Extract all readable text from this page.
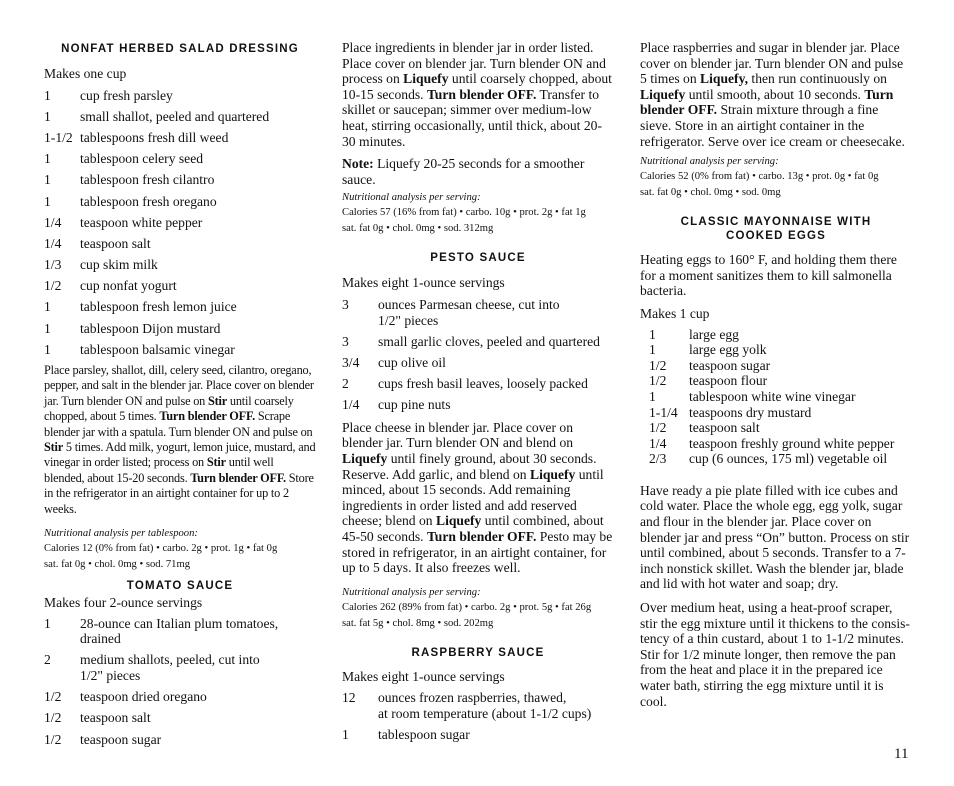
NONFAT HERBED SALAD DRESSING

Makes one cup

1	cup fresh parsley
1	small shallot, peeled and quartered
1-1/2 tablespoons fresh dill weed
1	tablespoon celery seed
1	tablespoon fresh cilantro
1	tablespoon fresh oregano
1/4	teaspoon white pepper
1/4	teaspoon salt
1/3	cup skim milk
1/2	cup nonfat yogurt
1	tablespoon fresh lemon juice
1	tablespoon Dijon mustard
1	tablespoon balsamic vinegar

Place parsley, shallot, dill, celery seed, cilantro, oregano, pepper, and salt in the blender jar. Place cover on blender jar. Turn blender ON and pulse on Stir until coarsely chopped, about 5 times. Turn blender OFF. Scrape blender jar with a spatula. Turn blender ON and pulse on Stir 5 times. Add milk, yogurt, lemon juice, mustard, and vinegar in order listed; process on Stir until well blended, about 15-20 seconds. Turn blender OFF. Store in the refrigerator in an airtight container for up to 2 weeks.

Nutritional analysis per tablespoon:

Calories 12 (0% from fat) • carbo. 2g • prot. 1g • fat 0g

sat. fat 0g • chol. 0mg • sod. 71mg

TOMATO SAUCE

Makes four 2-ounce servings

1	28-ounce can Italian plum tomatoes, drained
2	medium shallots, peeled, cut into
1/2" pieces
1/2	teaspoon dried oregano
1/2	teaspoon salt
1/2	teaspoon sugar

Place ingredients in blender jar in order listed. Place cover on blender jar. Turn blender ON and process on Liquefy until coarsely chopped, about 10-15 seconds. Turn blender OFF. Transfer to skillet or saucepan; simmer over medium-low heat, stirring occasionally, until thick, about 20-30 minutes.

Note: Liquefy 20-25 seconds for a smoother sauce.

Nutritional analysis per serving:

Calories 57 (16% from fat) • carbo. 10g • prot. 2g • fat 1g

sat. fat 0g • chol. 0mg • sod. 312mg

PESTO SAUCE

Makes eight 1-ounce servings

3	ounces Parmesan cheese, cut into
1/2" pieces
3	small garlic cloves, peeled and quartered
3/4	cup olive oil
2	cups fresh basil leaves, loosely packed
1/4	cup pine nuts

Place cheese in blender jar. Place cover on blender jar. Turn blender ON and blend on Liquefy until finely ground, about 30 seconds. Reserve. Add garlic, and blend on Liquefy until minced, about 15 seconds. Add remaining ingredients in order listed and add reserved cheese; blend on Liquefy until combined, about 45-50 seconds. Turn blender OFF. Pesto may be stored in refrigerator, in an airtight container, for up to 5 days. It also freezes well.

Nutritional analysis per serving:

Calories 262 (89% from fat) • carbo. 2g • prot. 5g • fat 26g

sat. fat 5g • chol. 8mg • sod. 202mg

RASPBERRY SAUCE

Makes eight 1-ounce servings

12	ounces frozen raspberries, thawed,
at room temperature (about 1-1/2 cups)
1	tablespoon sugar

Place raspberries and sugar in blender jar. Place cover on blender jar. Turn blender ON and pulse 5 times on Liquefy, then run continuously on Liquefy until smooth, about 10 seconds. Turn blender OFF. Strain mixture through a fine sieve. Store in an airtight container in the refrigerator. Serve over ice cream or cheesecake.

Nutritional analysis per serving:

Calories 52 (0% from fat) • carbo. 13g • prot. 0g • fat 0g

sat. fat 0g • chol. 0mg • sod. 0mg

CLASSIC MAYONNAISE WITH
COOKED EGGS

Heating eggs to 160° F, and holding them there for a moment sanitizes them to kill salmonella bacteria.

Makes 1 cup

1	large egg
1	large egg yolk
1/2	teaspoon sugar
1/2	teaspoon flour
1	tablespoon white wine vinegar
1-1/4 teaspoons dry mustard
1/2	teaspoon salt
1/4	teaspoon freshly ground white pepper
2/3	cup (6 ounces, 175 ml) vegetable oil

Have ready a pie plate filled with ice cubes and cold water. Place the whole egg, egg yolk, sugar and flour in the blender jar. Place cover on blender jar and press “On” button. Process on stir until combined, about 5 seconds. Transfer to a 7-inch nonstick skillet. Wash the blender jar, blade and lid with hot water and soap; dry.

Over medium heat, using a heat-proof scraper, stir the egg mixture until it thickens to the consistency of a thin custard, about 1 to 1-1/2 minutes. Stir for 1/2 minute longer, then remove the pan from the heat and place it in the prepared ice water bath, stirring the egg mixture until it is cool.

11
